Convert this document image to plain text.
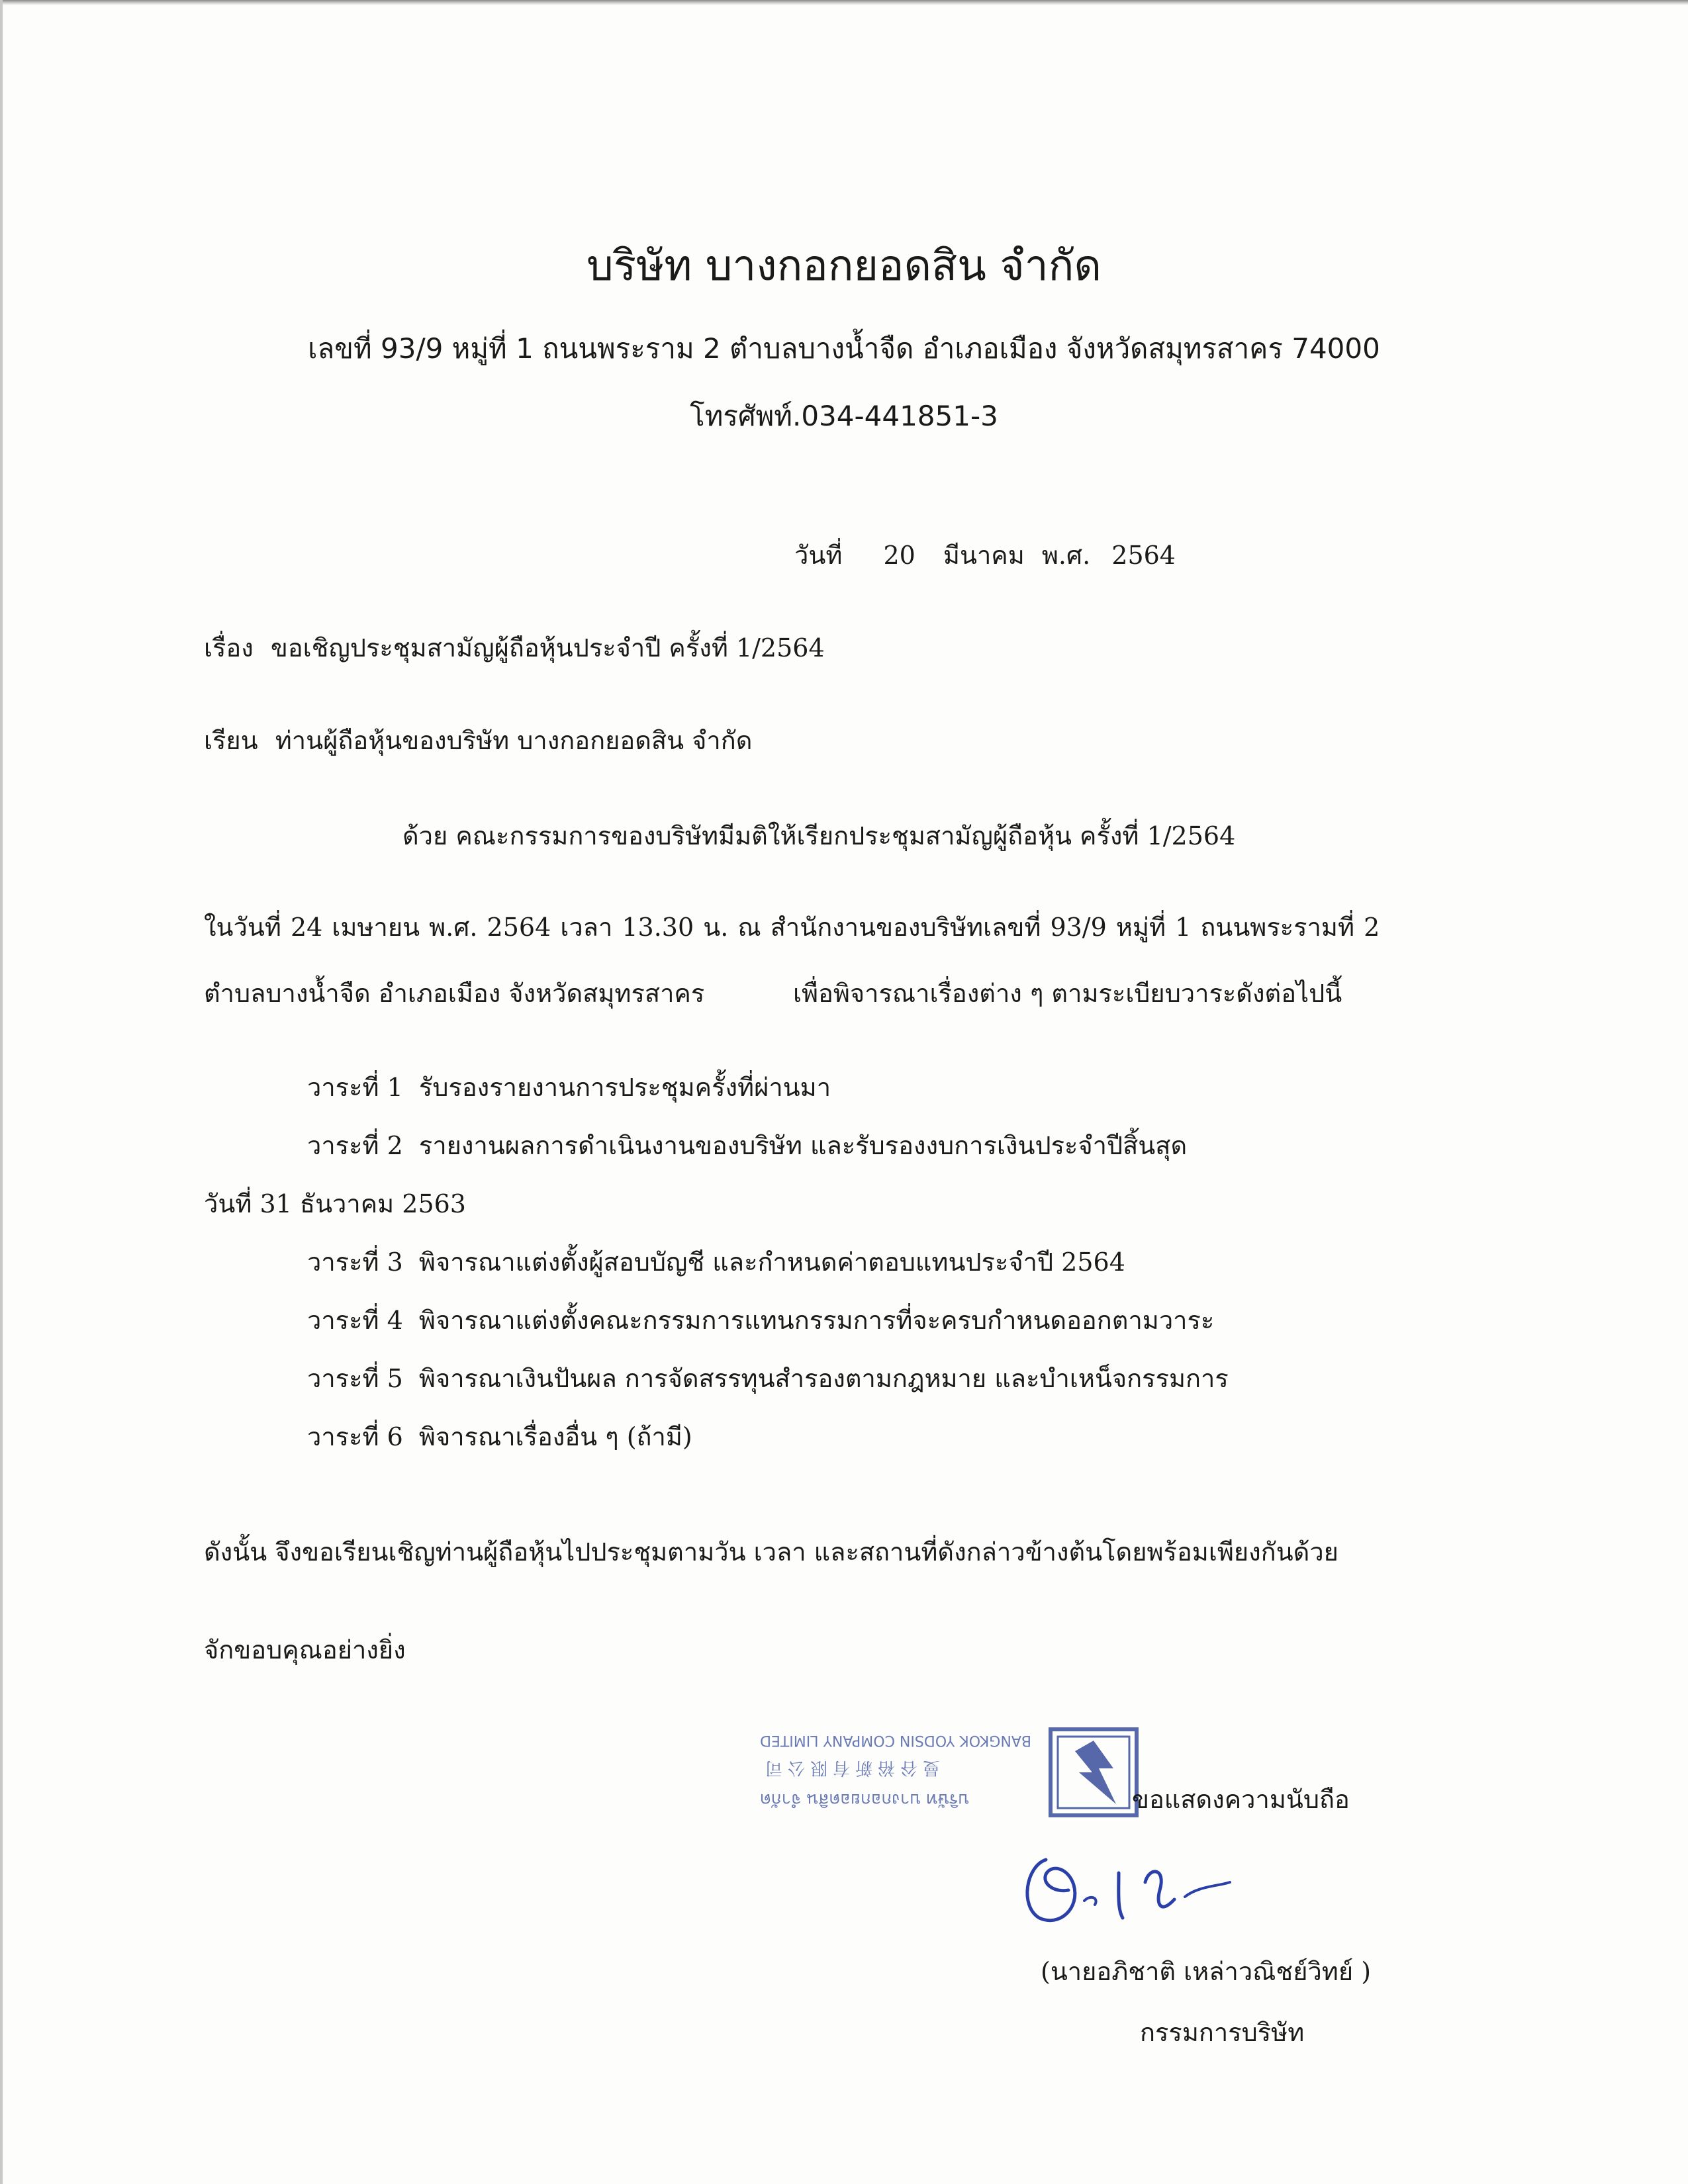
บริษัท บางกอกยอดสิน จำกัด
เลขที่ 93/9 หมู่ที่ 1 ถนนพระราม 2 ตำบลบางน้ำจืด อำเภอเมือง จังหวัดสมุทรสาคร 74000
โทรศัพท์.034-441851-3
วันที่ 20 มีนาคม พ.ศ. 2564
เรื่อง ขอเชิญประชุมสามัญผู้ถือหุ้นประจำปี ครั้งที่ 1/2564
เรียน ท่านผู้ถือหุ้นของบริษัท บางกอกยอดสิน จำกัด
ด้วย คณะกรรมการของบริษัทมีมติให้เรียกประชุมสามัญผู้ถือหุ้น ครั้งที่ 1/2564
ในวันที่ 24 เมษายน พ.ศ. 2564 เวลา 13.30 น. ณ สำนักงานของบริษัทเลขที่ 93/9 หมู่ที่ 1 ถนนพระรามที่ 2
ตำบลบางน้ำจืด อำเภอเมือง จังหวัดสมุทรสาคร	เพื่อพิจารณาเรื่องต่าง ๆ ตามระเบียบวาระดังต่อไปนี้
วาระที่ 1 รับรองรายงานการประชุมครั้งที่ผ่านมา
วาระที่ 2 รายงานผลการดำเนินงานของบริษัท และรับรองงบการเงินประจำปีสิ้นสุด
วันที่ 31 ธันวาคม 2563
วาระที่ 3 พิจารณาแต่งตั้งผู้สอบบัญชี และกำหนดค่าตอบแทนประจำปี 2564
วาระที่ 4 พิจารณาแต่งตั้งคณะกรรมการแทนกรรมการที่จะครบกำหนดออกตามวาระ
วาระที่ 5 พิจารณาเงินปันผล การจัดสรรทุนสำรองตามกฎหมาย และบำเหน็จกรรมการ
วาระที่ 6 พิจารณาเรื่องอื่น ๆ (ถ้ามี)
ดังนั้น จึงขอเรียนเชิญท่านผู้ถือหุ้นไปประชุมตามวัน เวลา และสถานที่ดังกล่าวข้างต้นโดยพร้อมเพียงกันด้วย
จักขอบคุณอย่างยิ่ง
บริษัท บางกอกยอดสิน จำกัด
曼谷裕新有限公司
BANGKOK YODSIN COMPANY LIMITED
ขอแสดงความนับถือ
(นายอภิชาติ เหล่าวณิชย์วิทย์ )
กรรมการบริษัท
